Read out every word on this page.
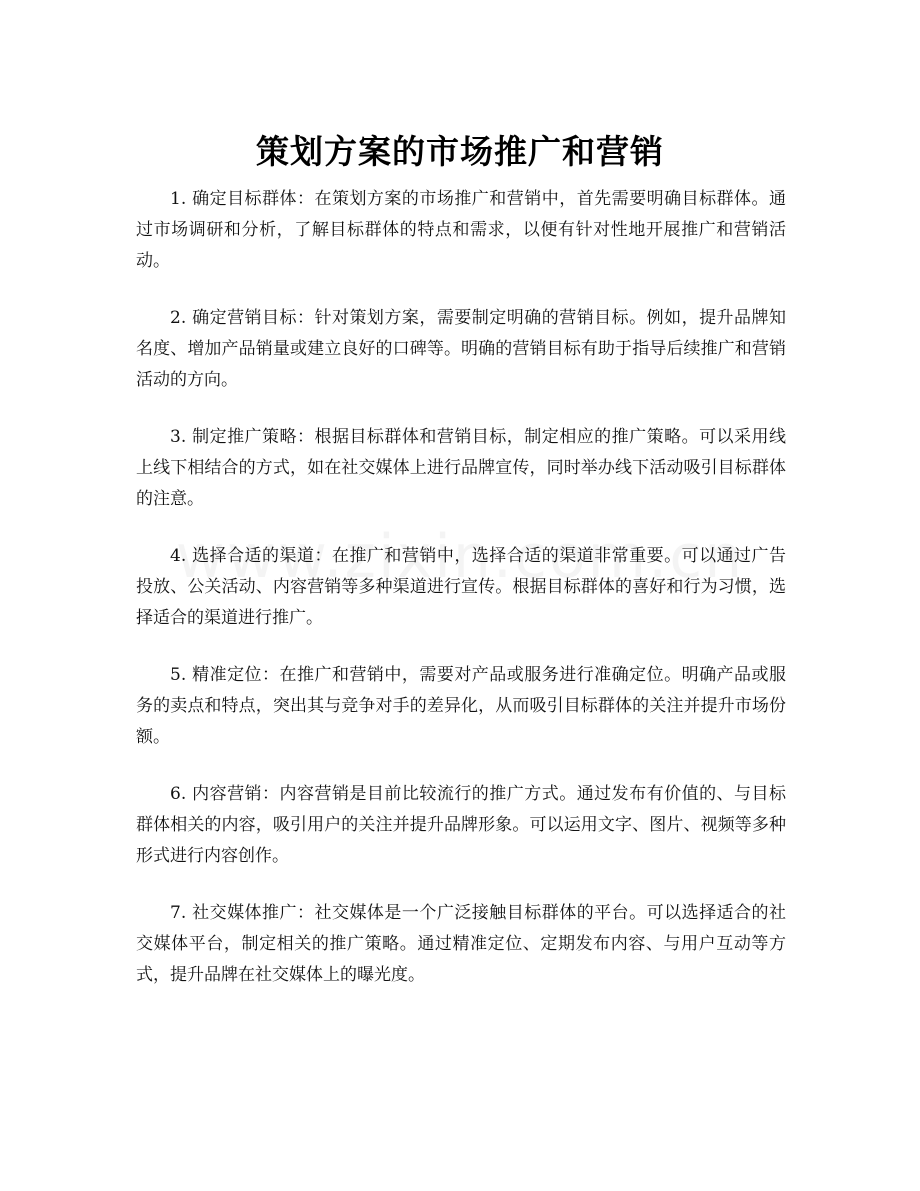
策划方案的市场推广和营销

1. 确定目标群体：在策划方案的市场推广和营销中，首先需要明确目标群体。通过市场调研和分析，了解目标群体的特点和需求，以便有针对性地开展推广和营销活动。

2. 确定营销目标：针对策划方案，需要制定明确的营销目标。例如，提升品牌知名度、增加产品销量或建立良好的口碑等。明确的营销目标有助于指导后续推广和营销活动的方向。

3. 制定推广策略：根据目标群体和营销目标，制定相应的推广策略。可以采用线上线下相结合的方式，如在社交媒体上进行品牌宣传，同时举办线下活动吸引目标群体的注意。

4. 选择合适的渠道：在推广和营销中，选择合适的渠道非常重要。可以通过广告投放、公关活动、内容营销等多种渠道进行宣传。根据目标群体的喜好和行为习惯，选择适合的渠道进行推广。

5. 精准定位：在推广和营销中，需要对产品或服务进行准确定位。明确产品或服务的卖点和特点，突出其与竞争对手的差异化，从而吸引目标群体的关注并提升市场份额。

6. 内容营销：内容营销是目前比较流行的推广方式。通过发布有价值的、与目标群体相关的内容，吸引用户的关注并提升品牌形象。可以运用文字、图片、视频等多种形式进行内容创作。

7. 社交媒体推广：社交媒体是一个广泛接触目标群体的平台。可以选择适合的社交媒体平台，制定相关的推广策略。通过精准定位、定期发布内容、与用户互动等方式，提升品牌在社交媒体上的曝光度。
